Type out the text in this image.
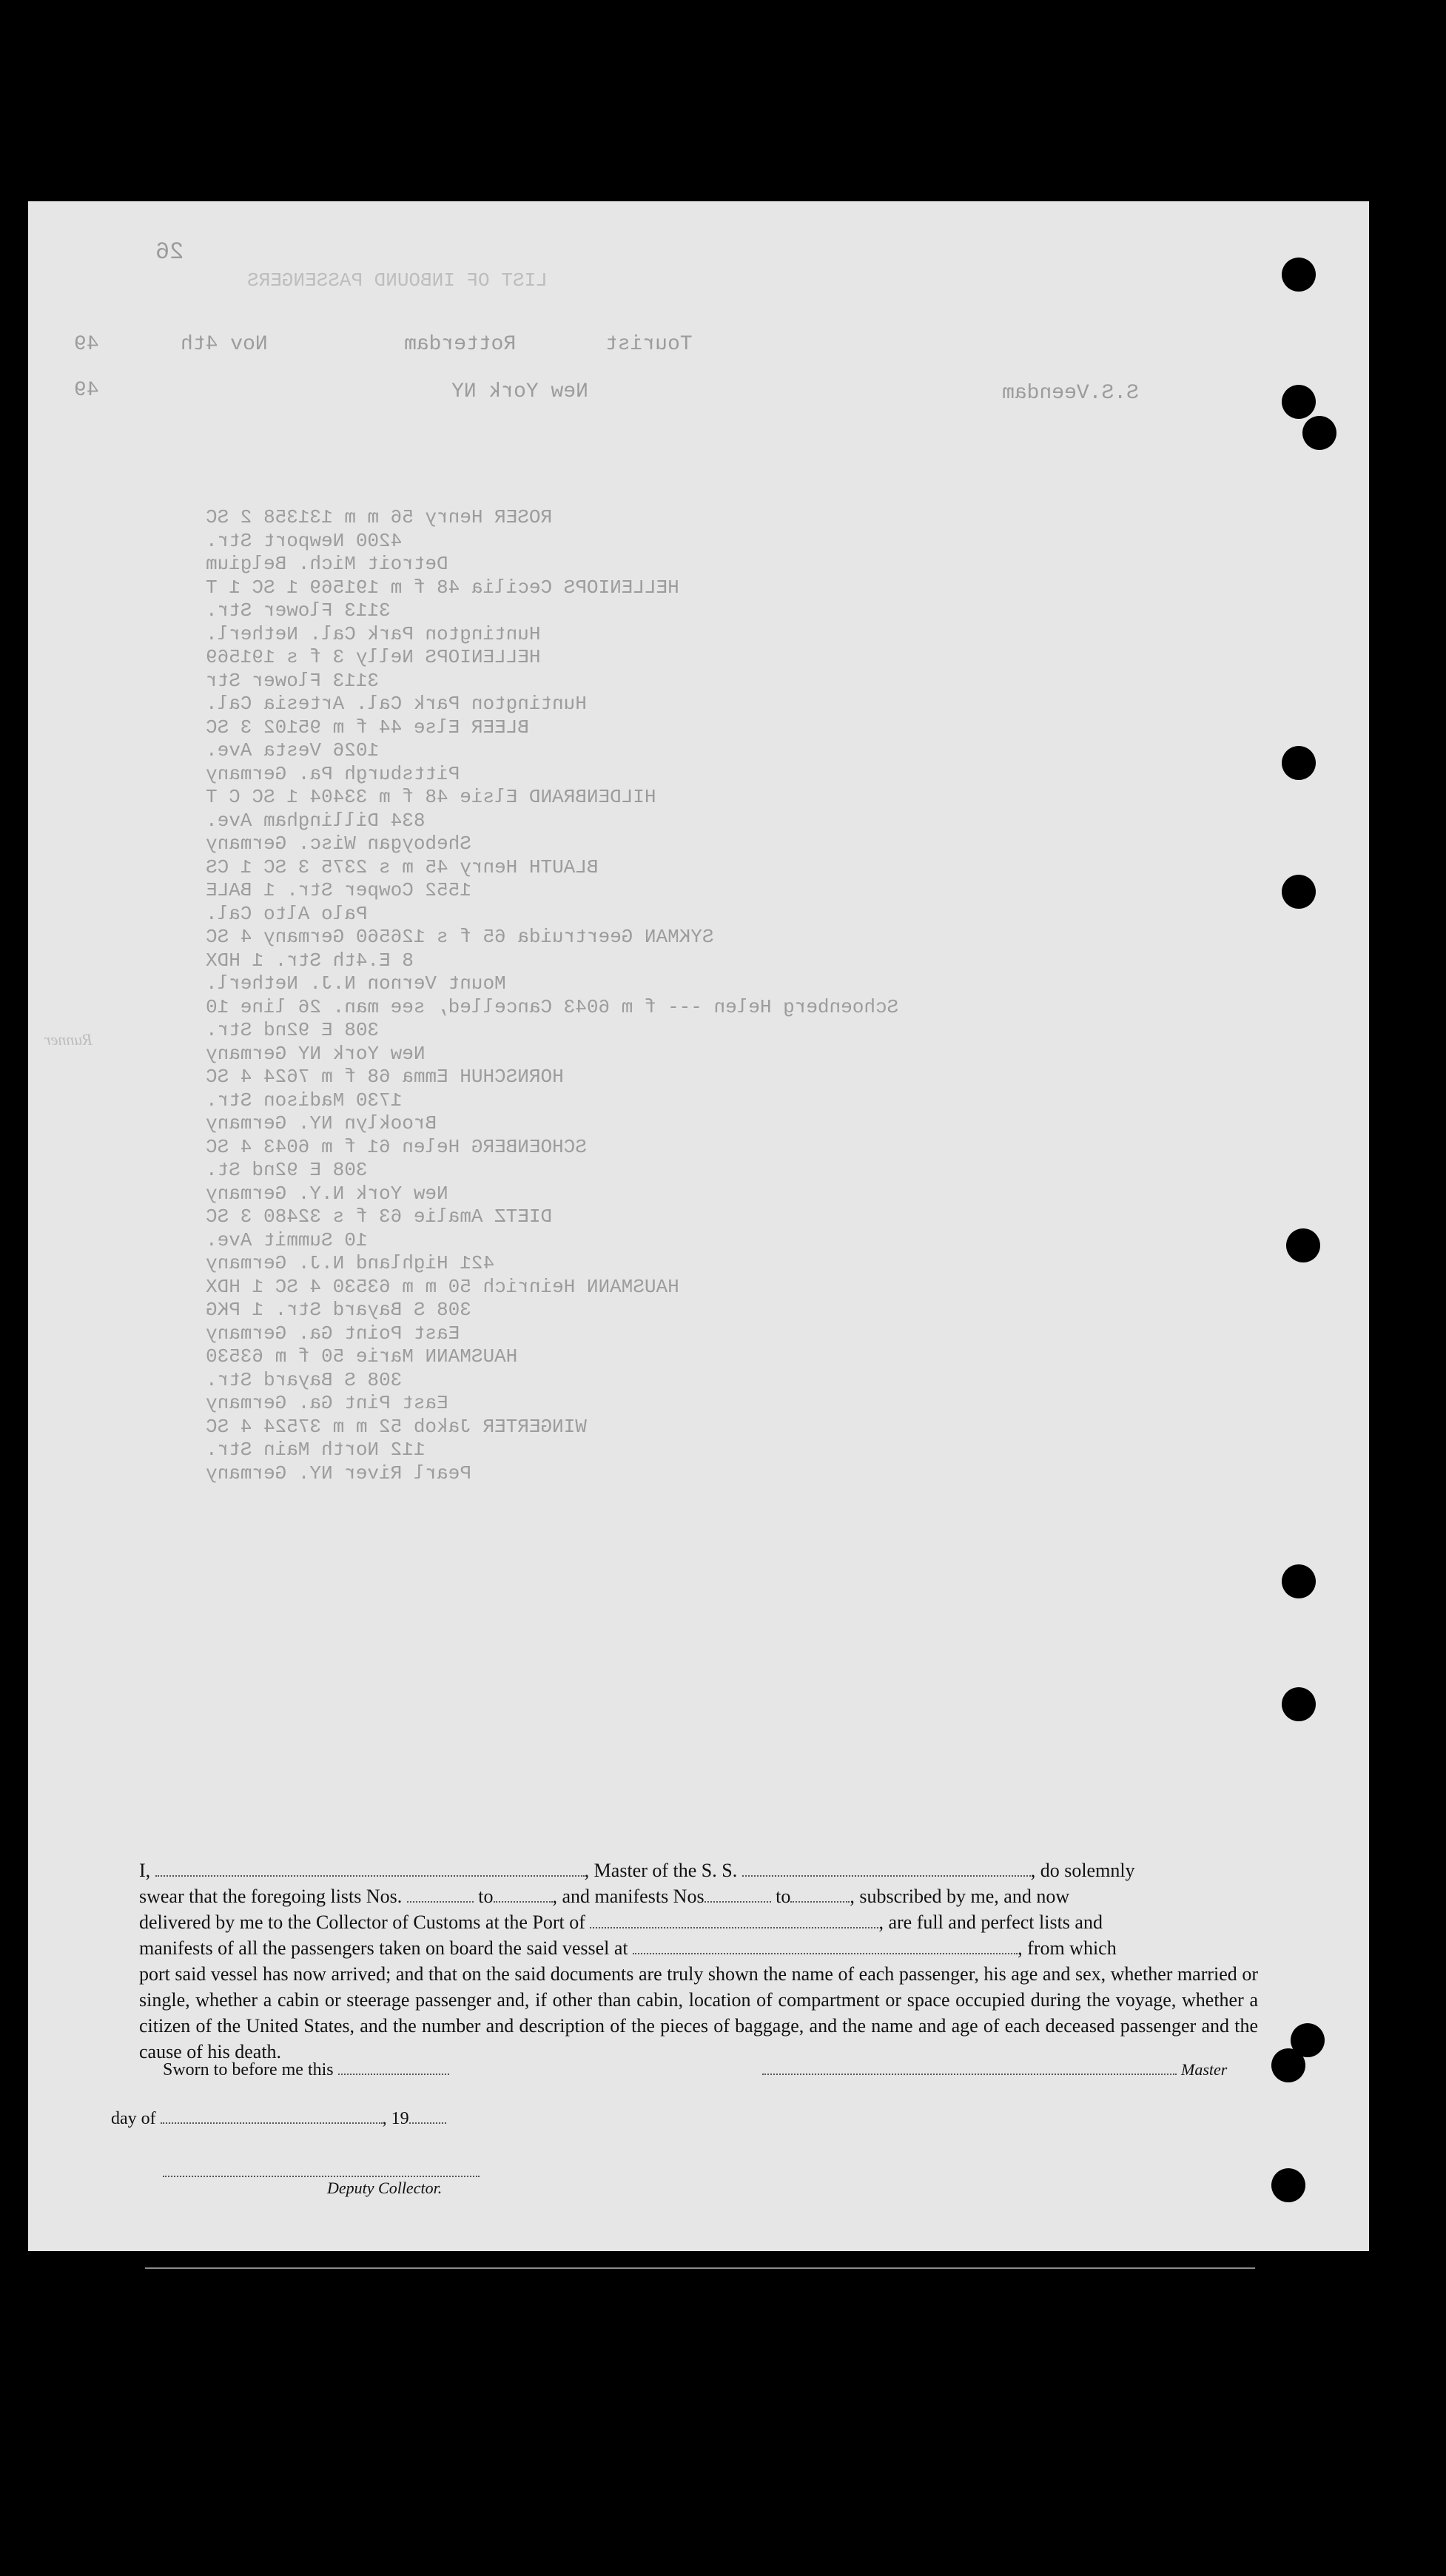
26
LIST OF INBOUND PASSENGERS
49	Nov 4th	Rotterdam	Tourist
49	New York NY	S.S.Veendam
ROSER Henry 56 m m 131358 2 SC
4200 Newport Str.
Detroit Mich. Belgium
HELLENIOPS Cecilia 48 f m 191569 1 SC 1 T
3113 Flower Str.
Huntington Park Cal. Netherl.
HELLENIOPS Nelly 3 f s 191569
3113 Flower Str
Huntington Park Cal. Artesia Cal.
BLEER Else 44 f m 95102 3 SC
1026 Vesta Ave.
Pittsburgh Pa. Germany
HILDENBRAND Elsie 48 f m 33404 1 SC C T
834 Dillingham Ave.
Sheboygan Wisc. Germany
BLAUTH Henry 45 m s 2375 3 SC 1 CS
1552 Cowper Str. 1 BALE
Palo Alto Cal.
SYKMAN Geertruida 65 f s 126560 Germany 4 SC
8 E.4th Str. 1 HDX
Mount Vernon N.J. Netherl.
Schoenberg Helen --- f m 6043 Cancelled, see man. 26 line 10
308 E 92nd Str.
New York NY Germany
HORNSCHUH Emma 68 f m 7624 4 SC
1730 Madison Str.
Brooklyn NY. Germany
SCHOENBERG Helen 61 f m 6043 4 SC
308 E 92nd St.
New York N.Y. Germany
DIETZ Amalie 63 f s 32480 3 SC
10 Summit Ave.
421 Highland N.J. Germany
HAUSMANN Heinrich 50 m m 63530 4 SC 1 HDX
308 S Bayard Str. 1 PKG
East Point Ga. Germany
HAUSMANN Marie 50 f m 63530
308 S Bayard Str.
East Pint Ga. Germany
WINGERTER Jakob 52 m m 37524 4 SC
112 North Main Str.
Pearl River NY. Germany
Runner

I,	, Master of the S. S.	, do solemnly

swear that the foregoing lists Nos.	to	, and manifests Nos	to	, subscribed by me, and now

delivered by me to the Collector of Customs at the Port of	, are full and perfect lists and

manifests of all the passengers taken on board the said vessel at	, from which

port said vessel has now arrived; and that on the said documents are truly shown the name of each passenger, his age and sex, whether married or single, whether a cabin or steerage passenger and, if other than cabin, location of compartment or space occupied during the voyage, whether a citizen of the United States, and the number and description of the pieces of baggage, and the name and age of each deceased passenger and the cause of his death.

Sworn to before me this	Master
day of	, 19
Deputy Collector.
